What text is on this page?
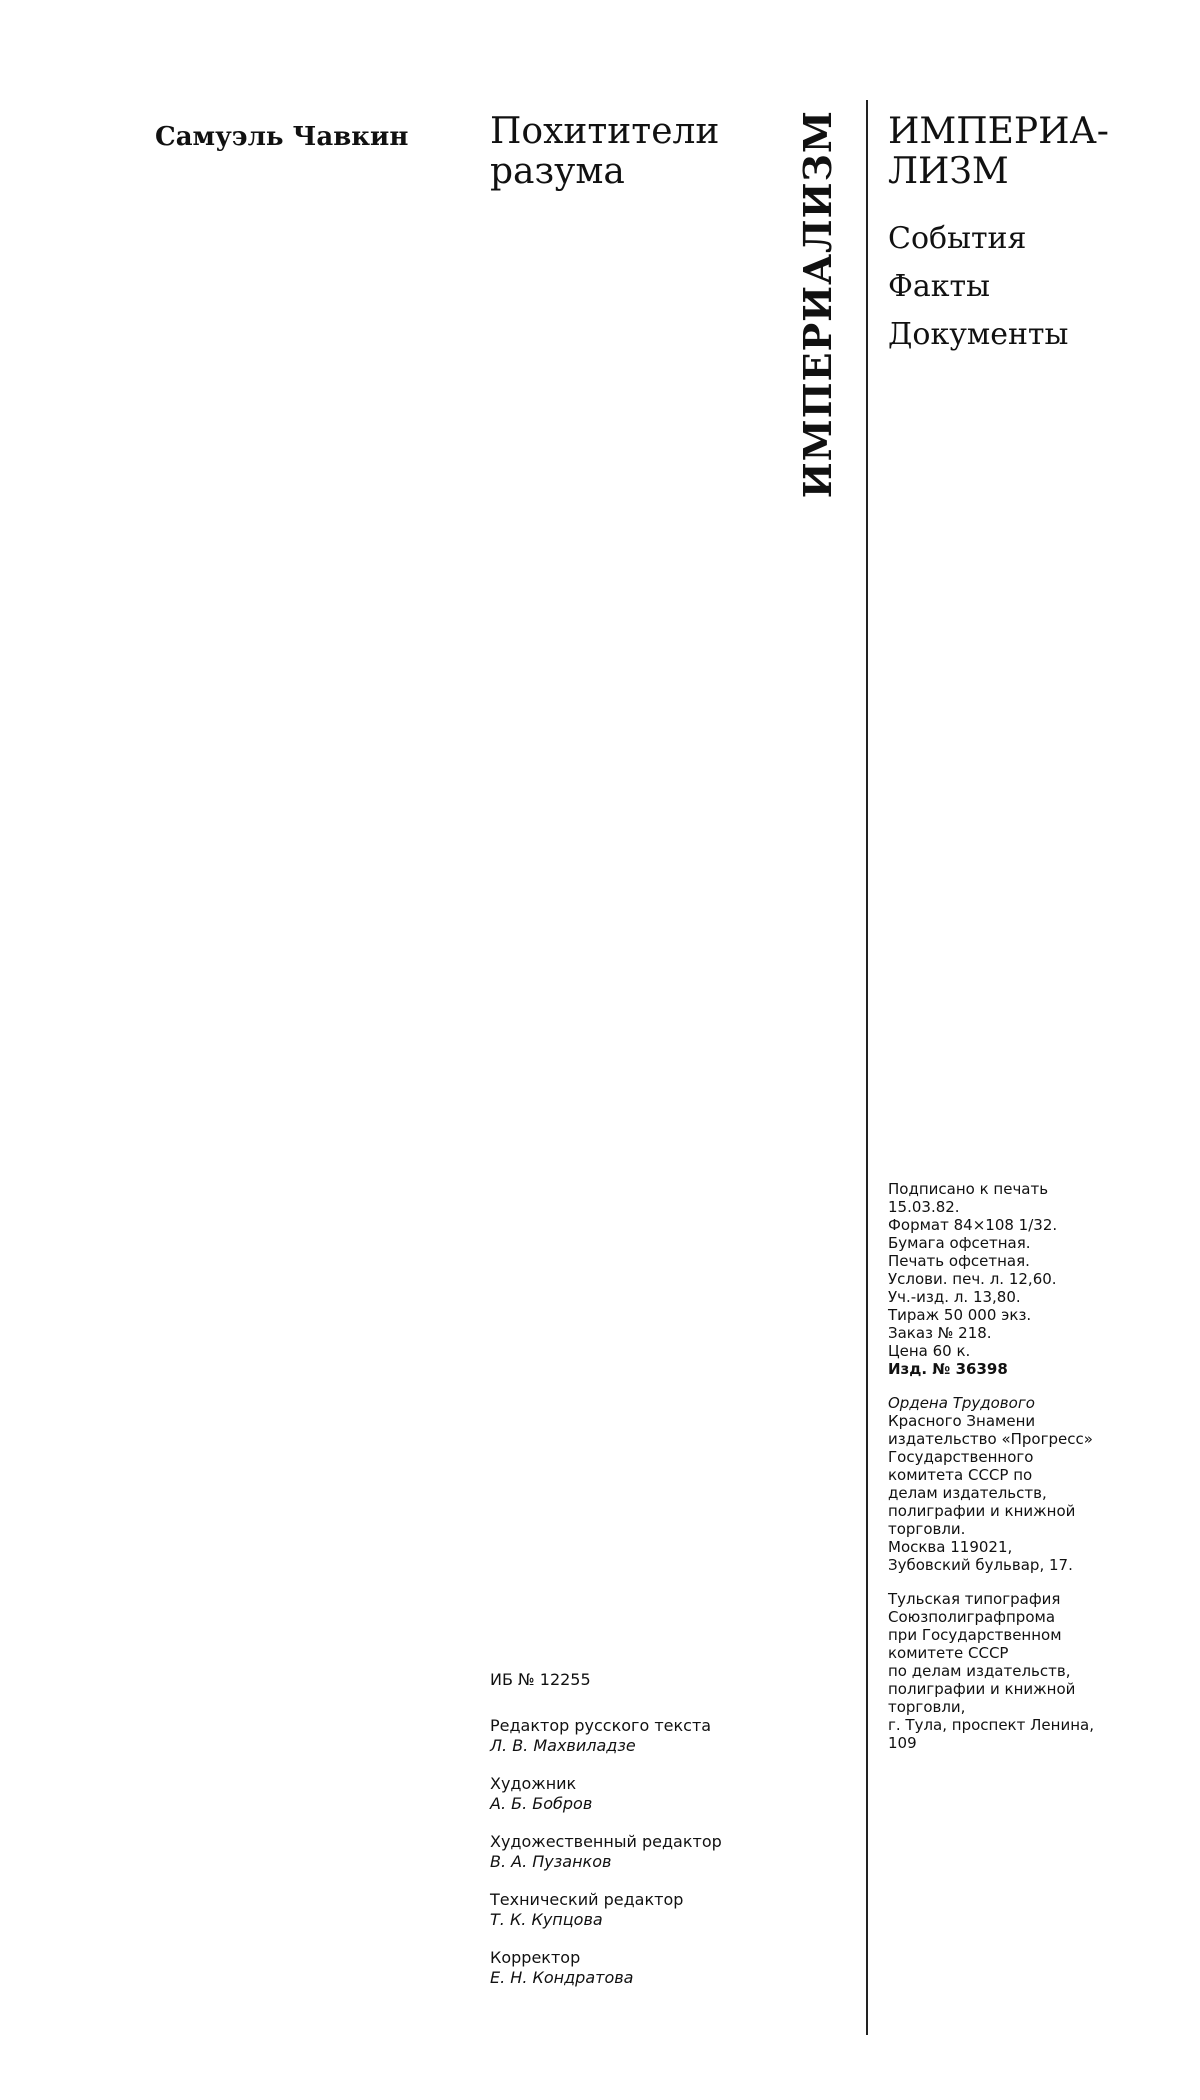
Самуэль Чавкин Похитители
разума	ИМПЕРИАЛИЗМ ИМПЕРИА-
ЛИЗМ
События
Факты
Документы
ИБ № 12255
Редактор русского текста
Л. В. Махвиладзе
Художник
А. Б. Бобров
Художественный редактор
В. А. Пузанков
Технический редактор
Т. К. Купцова
Корректор
Е. Н. Кондратова
Подписано к печать
15.03.82.
Формат 84×108 1/32.
Бумага офсетная.
Печать офсетная.
Услови. печ. л. 12,60.
Уч.-изд. л. 13,80.
Тираж 50 000 экз.
Заказ № 218.
Цена 60 к.
Изд. № 36398
Ордена Трудового
Красного Знамени
издательство «Прогресс»
Государственного
комитета СССР по
делам издательств,
полиграфии и книжной
торговли.
Москва 119021,
Зубовский бульвар, 17.
Тульская типография
Союзполиграфпрома
при Государственном
комитете СССР
по делам издательств,
полиграфии и книжной
торговли,
г. Тула, проспект Ленина,
109
